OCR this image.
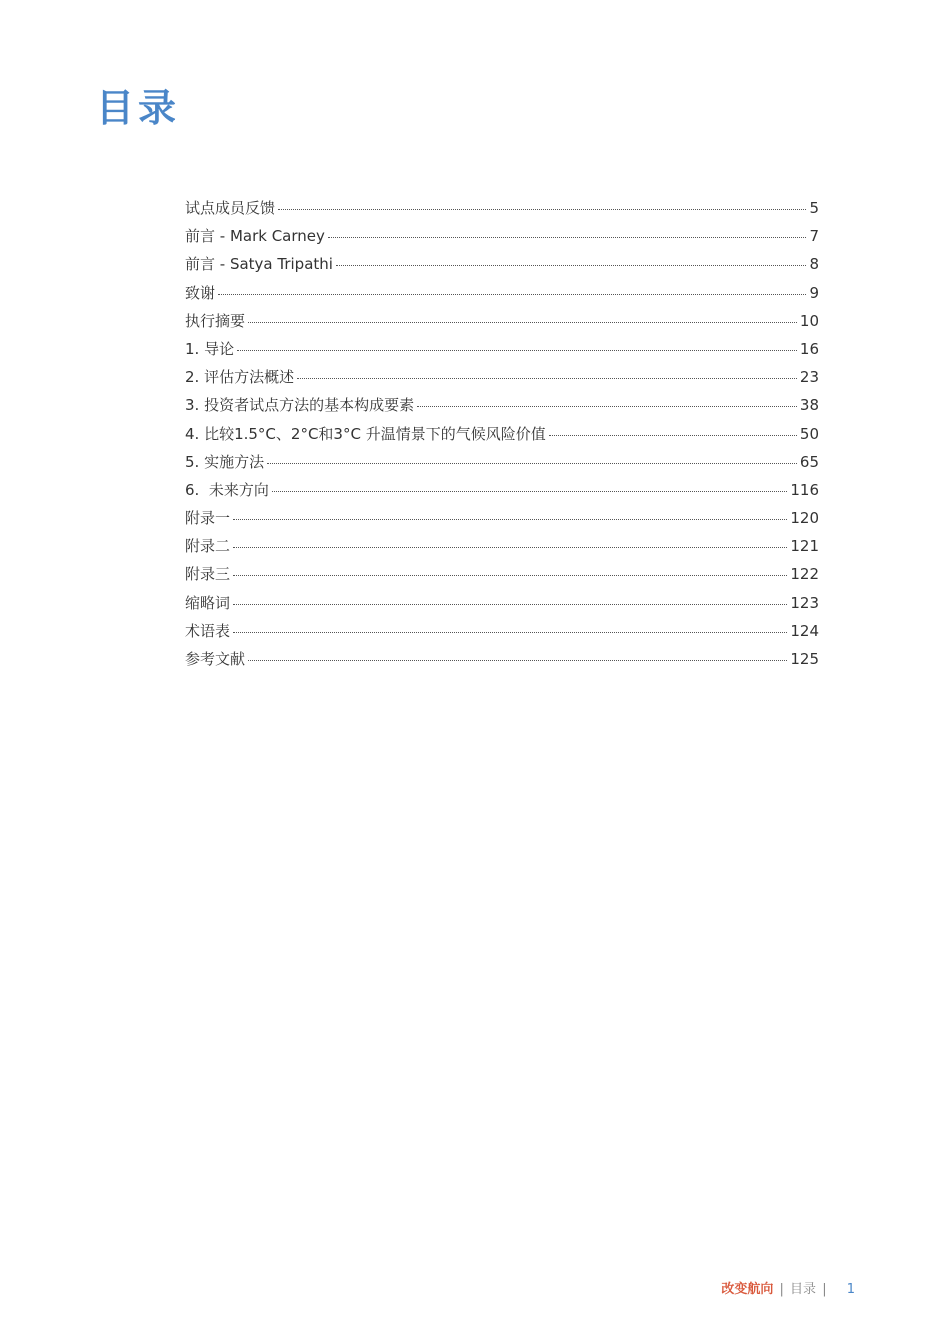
目录
试点成员反馈	5
前言 - Mark Carney	7
前言 - Satya Tripathi	8
致谢	9
执行摘要	10
1. 导论	16
2. 评估方法概述	23
3. 投资者试点方法的基本构成要素	38
4. 比较1.5°C、2°C和3°C 升温情景下的气候风险价值	50
5. 实施方法	65
6.  未来方向	116
附录一	120
附录二	121
附录三	122
缩略词	123
术语表	124
参考文献	125
改变航向 | 目录 | 1
